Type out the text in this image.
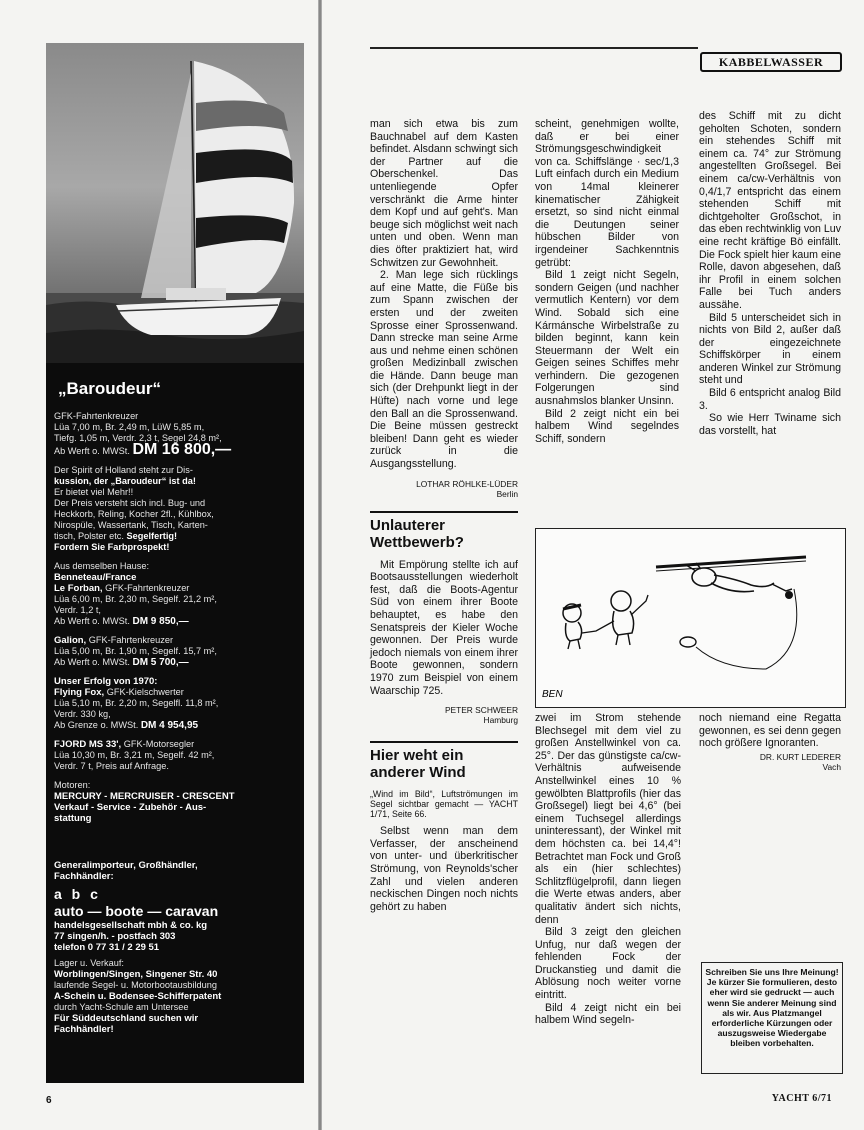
„Baroudeur“

GFK-Fahrtenkreuzer

Lüa 7,00 m, Br. 2,49 m, LüW 5,85 m,

Tiefg. 1,05 m, Verdr. 2,3 t, Segel 24,8 m²,

Ab Werft o. MWSt. DM 16 800,—

Der Spirit of Holland steht zur Dis-

kussion, der „Baroudeur“ ist da!

Er bietet viel Mehr!!

Der Preis versteht sich incl. Bug- und

Heckkorb, Reling, Kocher 2fl., Kühlbox,

Nirospüle, Wassertank, Tisch, Karten-

tisch, Polster etc. Segelfertig!

Fordern Sie Farbprospekt!

Aus demselben Hause:

Benneteau/France

Le Forban, GFK-Fahrtenkreuzer

Lüa 6,00 m, Br. 2,30 m, Segelf. 21,2 m²,

Verdr. 1,2 t,

Ab Werft o. MWSt. DM 9 850,—

Galion, GFK-Fahrtenkreuzer

Lüa 5,00 m, Br. 1,90 m, Segelf. 15,7 m²,

Ab Werft o. MWSt. DM 5 700,—

Unser Erfolg von 1970:

Flying Fox, GFK-Kielschwerter

Lüa 5,10 m, Br. 2,20 m, Segelfl. 11,8 m²,

Verdr. 330 kg,

Ab Grenze o. MWSt. DM 4 954,95

FJORD MS 33', GFK-Motorsegler

Lüa 10,30 m, Br. 3,21 m, Segelf. 42 m²,

Verdr. 7 t, Preis auf Anfrage.

Motoren:

MERCURY - MERCRUISER - CRESCENT

Verkauf - Service - Zubehör - Aus-

stattung

Generalimporteur, Großhändler,

Fachhändler:

a b c
auto — boote — caravan

handelsgesellschaft mbh & co. kg

77 singen/h. - postfach 303

telefon 0 77 31 / 2 29 51

Lager u. Verkauf:

Worblingen/Singen, Singener Str. 40

laufende Segel- u. Motorbootausbildung

A-Schein u. Bodensee-Schifferpatent

durch Yacht-Schule am Untersee

Für Süddeutschland suchen wir

Fachhändler!

6
KABBELWASSER

man sich etwa bis zum Bauchnabel auf dem Kasten befindet. Alsdann schwingt sich der Partner auf die Oberschenkel. Das untenliegende Opfer verschränkt die Arme hinter dem Kopf und auf geht's. Man beuge sich möglichst weit nach unten und oben. Wenn man dies öfter praktiziert hat, wird Schwitzen zur Gewohnheit.

2. Man lege sich rücklings auf eine Matte, die Füße bis zum Spann zwischen der ersten und der zweiten Sprosse einer Sprossenwand. Dann strecke man seine Arme aus und nehme einen schönen großen Medizinball zwischen die Hände. Dann beuge man sich (der Drehpunkt liegt in der Hüfte) nach vorne und lege den Ball an die Sprossenwand. Die Beine müssen gestreckt bleiben! Dann geht es wieder zurück in die Ausgangsstellung.

LOTHAR RÖHLKE-LÜDER
Berlin
Unlauterer Wettbewerb?

Mit Empörung stellte ich auf Bootsausstellungen wiederholt fest, daß die Boots-Agentur Süd von einem ihrer Boote behauptet, es habe den Senatspreis der Kieler Woche gewonnen. Der Preis wurde jedoch niemals von einem ihrer Boote gewonnen, sondern 1970 zum Beispiel von einem Waarschip 725.

PETER SCHWEER
Hamburg
Hier weht ein anderer Wind
„Wind im Bild“, Luftströmungen im Segel sichtbar gemacht — YACHT 1/71, Seite 66.

Selbst wenn man dem Verfasser, der anscheinend von unter- und überkritischer Strömung, von Reynolds'scher Zahl und vielen anderen neckischen Dingen noch nichts gehört zu haben

scheint, genehmigen wollte, daß er bei einer Strömungsgeschwindigkeit von ca. Schiffslänge · sec/1,3 Luft einfach durch ein Medium von 14mal kleinerer kinematischer Zähigkeit ersetzt, so sind nicht einmal die Deutungen seiner hübschen Bilder von irgendeiner Sachkenntnis getrübt:

Bild 1 zeigt nicht Segeln, sondern Geigen (und nachher vermutlich Kentern) vor dem Wind. Sobald sich eine Kármánsche Wirbelstraße zu bilden beginnt, kann kein Steuermann der Welt ein Geigen seines Schiffes mehr verhindern. Die gezogenen Folgerungen sind ausnahmslos blanker Unsinn.

Bild 2 zeigt nicht ein bei halbem Wind segelndes Schiff, sondern

des Schiff mit zu dicht geholten Schoten, sondern ein stehendes Schiff mit einem ca. 74° zur Strömung angestellten Großsegel. Bei einem ca/cw-Verhältnis von 0,4/1,7 entspricht das einem stehenden Schiff mit dichtgeholter Großschot, in das eben rechtwinklig von Luv eine recht kräftige Bö einfällt. Die Fock spielt hier kaum eine Rolle, davon abgesehen, daß ihr Profil in einem solchen Falle bei Tuch anders aussähe.

Bild 5 unterscheidet sich in nichts von Bild 2, außer daß der eingezeichnete Schiffskörper in einem anderen Winkel zur Strömung steht und

Bild 6 entspricht analog Bild 3.

So wie Herr Twiname sich das vorstellt, hat

BEN

zwei im Strom stehende Blechsegel mit dem viel zu großen Anstellwinkel von ca. 25°. Der das günstigste ca/cw-Verhältnis aufweisende Anstellwinkel eines 10 % gewölbten Blattprofils (hier das Großsegel) liegt bei 4,6° (bei einem Tuchsegel allerdings uninteressant), der Winkel mit dem höchsten ca. bei 14,4°! Betrachtet man Fock und Groß als ein (hier schlechtes) Schlitzflügelprofil, dann liegen die Werte etwas anders, aber qualitativ ändert sich nichts, denn

Bild 3 zeigt den gleichen Unfug, nur daß wegen der fehlenden Fock der Druckanstieg und damit die Ablösung noch weiter vorne eintritt.

Bild 4 zeigt nicht ein bei halbem Wind segeln-

noch niemand eine Regatta gewonnen, es sei denn gegen noch größere Ignoranten.

DR. KURT LEDERER
Vach
Schreiben Sie uns Ihre Meinung! Je kürzer Sie formulieren, desto eher wird sie gedruckt — auch wenn Sie anderer Meinung sind als wir. Aus Platzmangel erforderliche Kürzungen oder auszugsweise Wiedergabe bleiben vorbehalten.
YACHT 6/71
